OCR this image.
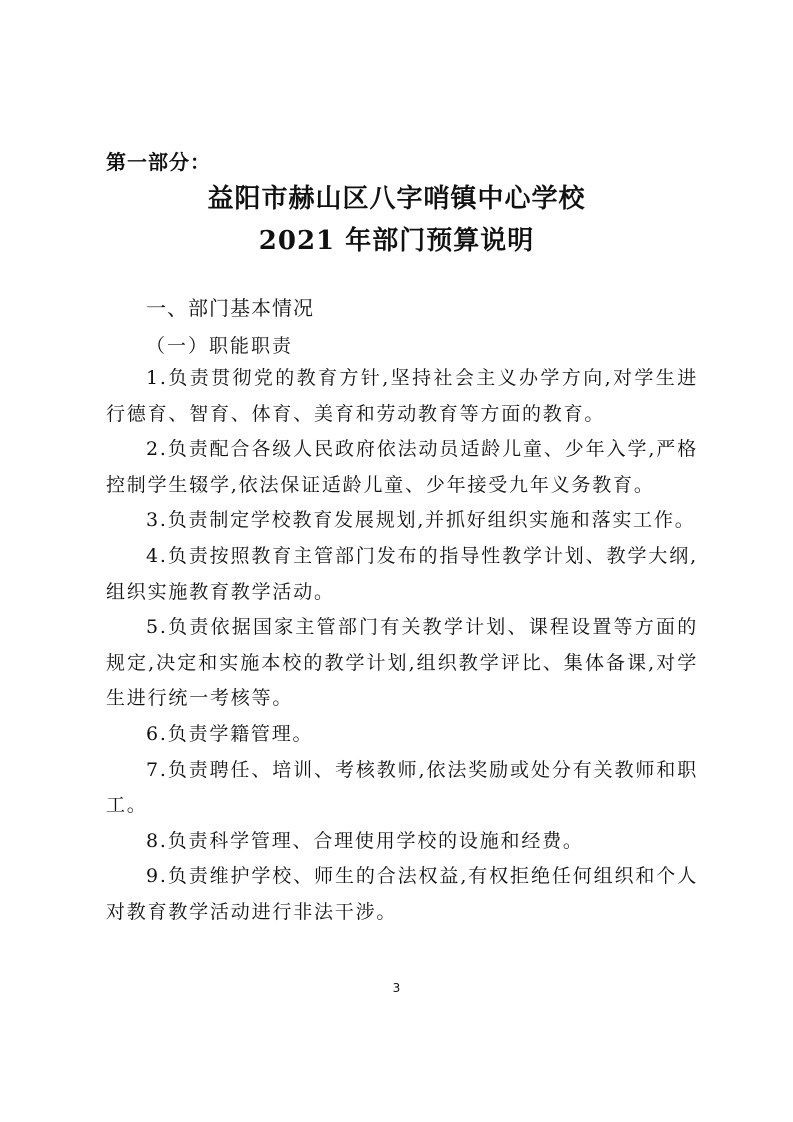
第一部分：
益阳市赫山区八字哨镇中心学校
2021 年部门预算说明
一、部门基本情况
（一）职能职责

1.负责贯彻党的教育方针,坚持社会主义办学方向,对学生进行德育、智育、体育、美育和劳动教育等方面的教育。

2.负责配合各级人民政府依法动员适龄儿童、少年入学,严格控制学生辍学,依法保证适龄儿童、少年接受九年义务教育。

3.负责制定学校教育发展规划,并抓好组织实施和落实工作。

4.负责按照教育主管部门发布的指导性教学计划、教学大纲,组织实施教育教学活动。

5.负责依据国家主管部门有关教学计划、课程设置等方面的规定,决定和实施本校的教学计划,组织教学评比、集体备课,对学生进行统一考核等。

6.负责学籍管理。

7.负责聘任、培训、考核教师,依法奖励或处分有关教师和职工。

8.负责科学管理、合理使用学校的设施和经费。

9.负责维护学校、师生的合法权益,有权拒绝任何组织和个人对教育教学活动进行非法干涉。

3
